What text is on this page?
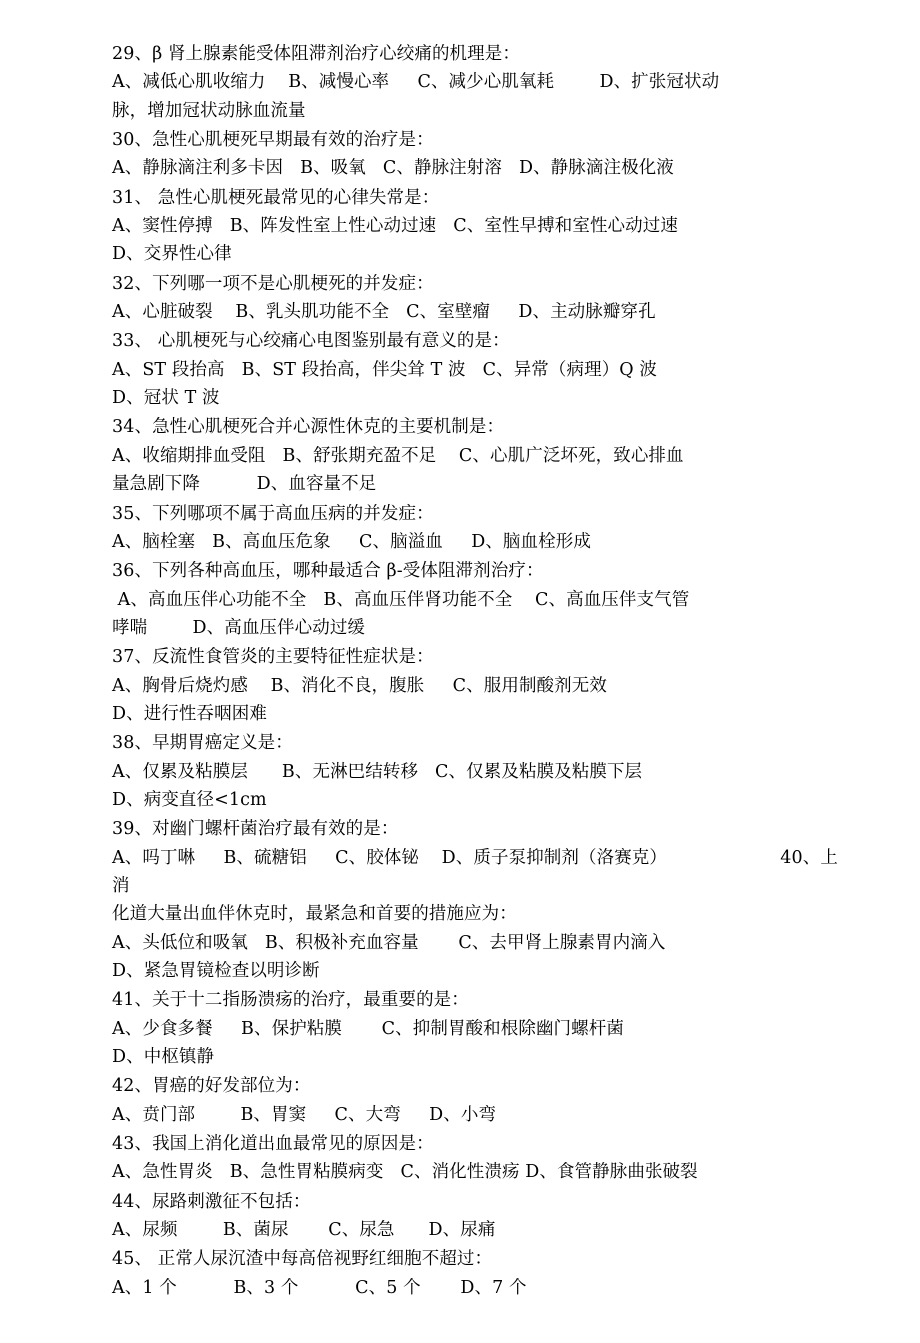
29、β 肾上腺素能受体阻滞剂治疗心绞痛的机理是：
A、减低心肌收缩力    B、减慢心率     C、减少心肌氧耗        D、扩张冠状动
脉，增加冠状动脉血流量
30、急性心肌梗死早期最有效的治疗是：
A、静脉滴注利多卡因   B、吸氧   C、静脉注射溶   D、静脉滴注极化液
31、 急性心肌梗死最常见的心律失常是：
A、窦性停搏   B、阵发性室上性心动过速   C、室性早搏和室性心动过速
D、交界性心律
32、下列哪一项不是心肌梗死的并发症：
A、心脏破裂    B、乳头肌功能不全   C、室壁瘤     D、主动脉瓣穿孔
33、 心肌梗死与心绞痛心电图鉴别最有意义的是：
A、ST 段抬高   B、ST 段抬高，伴尖耸 T 波   C、异常（病理）Q 波
D、冠状 T 波
34、急性心肌梗死合并心源性休克的主要机制是：
A、收缩期排血受阻   B、舒张期充盈不足    C、心肌广泛坏死，致心排血
量急剧下降          D、血容量不足
35、下列哪项不属于高血压病的并发症：
A、脑栓塞   B、高血压危象     C、脑溢血     D、脑血栓形成
36、下列各种高血压，哪种最适合 β-受体阻滞剂治疗：
A、高血压伴心功能不全   B、高血压伴肾功能不全    C、高血压伴支气管
哮喘        D、高血压伴心动过缓
37、反流性食管炎的主要特征性症状是：
A、胸骨后烧灼感    B、消化不良，腹胀     C、服用制酸剂无效
D、进行性吞咽困难
38、早期胃癌定义是：
A、仅累及粘膜层      B、无淋巴结转移   C、仅累及粘膜及粘膜下层
D、病变直径<1cm
39、对幽门螺杆菌治疗最有效的是：
A、吗丁啉     B、硫糖铝     C、胶体铋    D、质子泵抑制剂（洛赛克）                    40、上消
化道大量出血伴休克时，最紧急和首要的措施应为：
A、头低位和吸氧   B、积极补充血容量       C、去甲肾上腺素胃内滴入
D、紧急胃镜检查以明诊断
41、关于十二指肠溃疡的治疗，最重要的是：
A、少食多餐     B、保护粘膜       C、抑制胃酸和根除幽门螺杆菌
D、中枢镇静
42、胃癌的好发部位为：
A、贲门部        B、胃窦     C、大弯     D、小弯
43、我国上消化道出血最常见的原因是：
A、急性胃炎   B、急性胃粘膜病变   C、消化性溃疡 D、食管静脉曲张破裂
44、尿路刺激征不包括：
A、尿频        B、菌尿       C、尿急      D、尿痛
45、 正常人尿沉渣中每高倍视野红细胞不超过：
A、1 个          B、3 个          C、5 个       D、7 个
